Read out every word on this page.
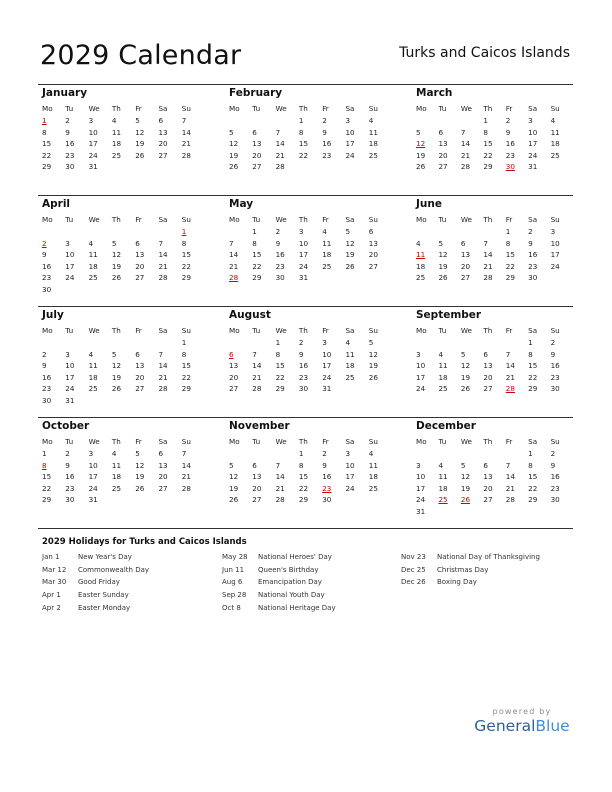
2029 Calendar	Turks and Caicos Islands
January
Mo	Tu	We	Th	Fr	Sa	Su
1	2	3	4	5	6	7
8	9	10	11	12	13	14
15	16	17	18	19	20	21
22	23	24	25	26	27	28
29	30	31				
February
Mo	Tu	We	Th	Fr	Sa	Su
			1	2	3	4
5	6	7	8	9	10	11
12	13	14	15	16	17	18
19	20	21	22	23	24	25
26	27	28				
March
Mo	Tu	We	Th	Fr	Sa	Su
			1	2	3	4
5	6	7	8	9	10	11
12	13	14	15	16	17	18
19	20	21	22	23	24	25
26	27	28	29	30	31	
April
Mo	Tu	We	Th	Fr	Sa	Su
						1
2	3	4	5	6	7	8
9	10	11	12	13	14	15
16	17	18	19	20	21	22
23	24	25	26	27	28	29
30						
May
Mo	Tu	We	Th	Fr	Sa	Su
	1	2	3	4	5	6
7	8	9	10	11	12	13
14	15	16	17	18	19	20
21	22	23	24	25	26	27
28	29	30	31			
June
Mo	Tu	We	Th	Fr	Sa	Su
				1	2	3
4	5	6	7	8	9	10
11	12	13	14	15	16	17
18	19	20	21	22	23	24
25	26	27	28	29	30	
July
Mo	Tu	We	Th	Fr	Sa	Su
						1
2	3	4	5	6	7	8
9	10	11	12	13	14	15
16	17	18	19	20	21	22
23	24	25	26	27	28	29
30	31					
August
Mo	Tu	We	Th	Fr	Sa	Su
		1	2	3	4	5
6	7	8	9	10	11	12
13	14	15	16	17	18	19
20	21	22	23	24	25	26
27	28	29	30	31		
September
Mo	Tu	We	Th	Fr	Sa	Su
					1	2
3	4	5	6	7	8	9
10	11	12	13	14	15	16
17	18	19	20	21	22	23
24	25	26	27	28	29	30
October
Mo	Tu	We	Th	Fr	Sa	Su
1	2	3	4	5	6	7
8	9	10	11	12	13	14
15	16	17	18	19	20	21
22	23	24	25	26	27	28
29	30	31				
November
Mo	Tu	We	Th	Fr	Sa	Su
			1	2	3	4
5	6	7	8	9	10	11
12	13	14	15	16	17	18
19	20	21	22	23	24	25
26	27	28	29	30		
December
Mo	Tu	We	Th	Fr	Sa	Su
					1	2
3	4	5	6	7	8	9
10	11	12	13	14	15	16
17	18	19	20	21	22	23
24	25	26	27	28	29	30
31						
2029 Holidays for Turks and Caicos Islands
Jan 1	New Year's Day
Mar 12	Commonwealth Day
Mar 30	Good Friday
Apr 1	Easter Sunday
Apr 2	Easter Monday
May 28	National Heroes' Day
Jun 11	Queen's Birthday
Aug 6	Emancipation Day
Sep 28	National Youth Day
Oct 8	National Heritage Day
Nov 23	National Day of Thanksgiving
Dec 25	Christmas Day
Dec 26	Boxing Day
powered by
GeneralBlue
